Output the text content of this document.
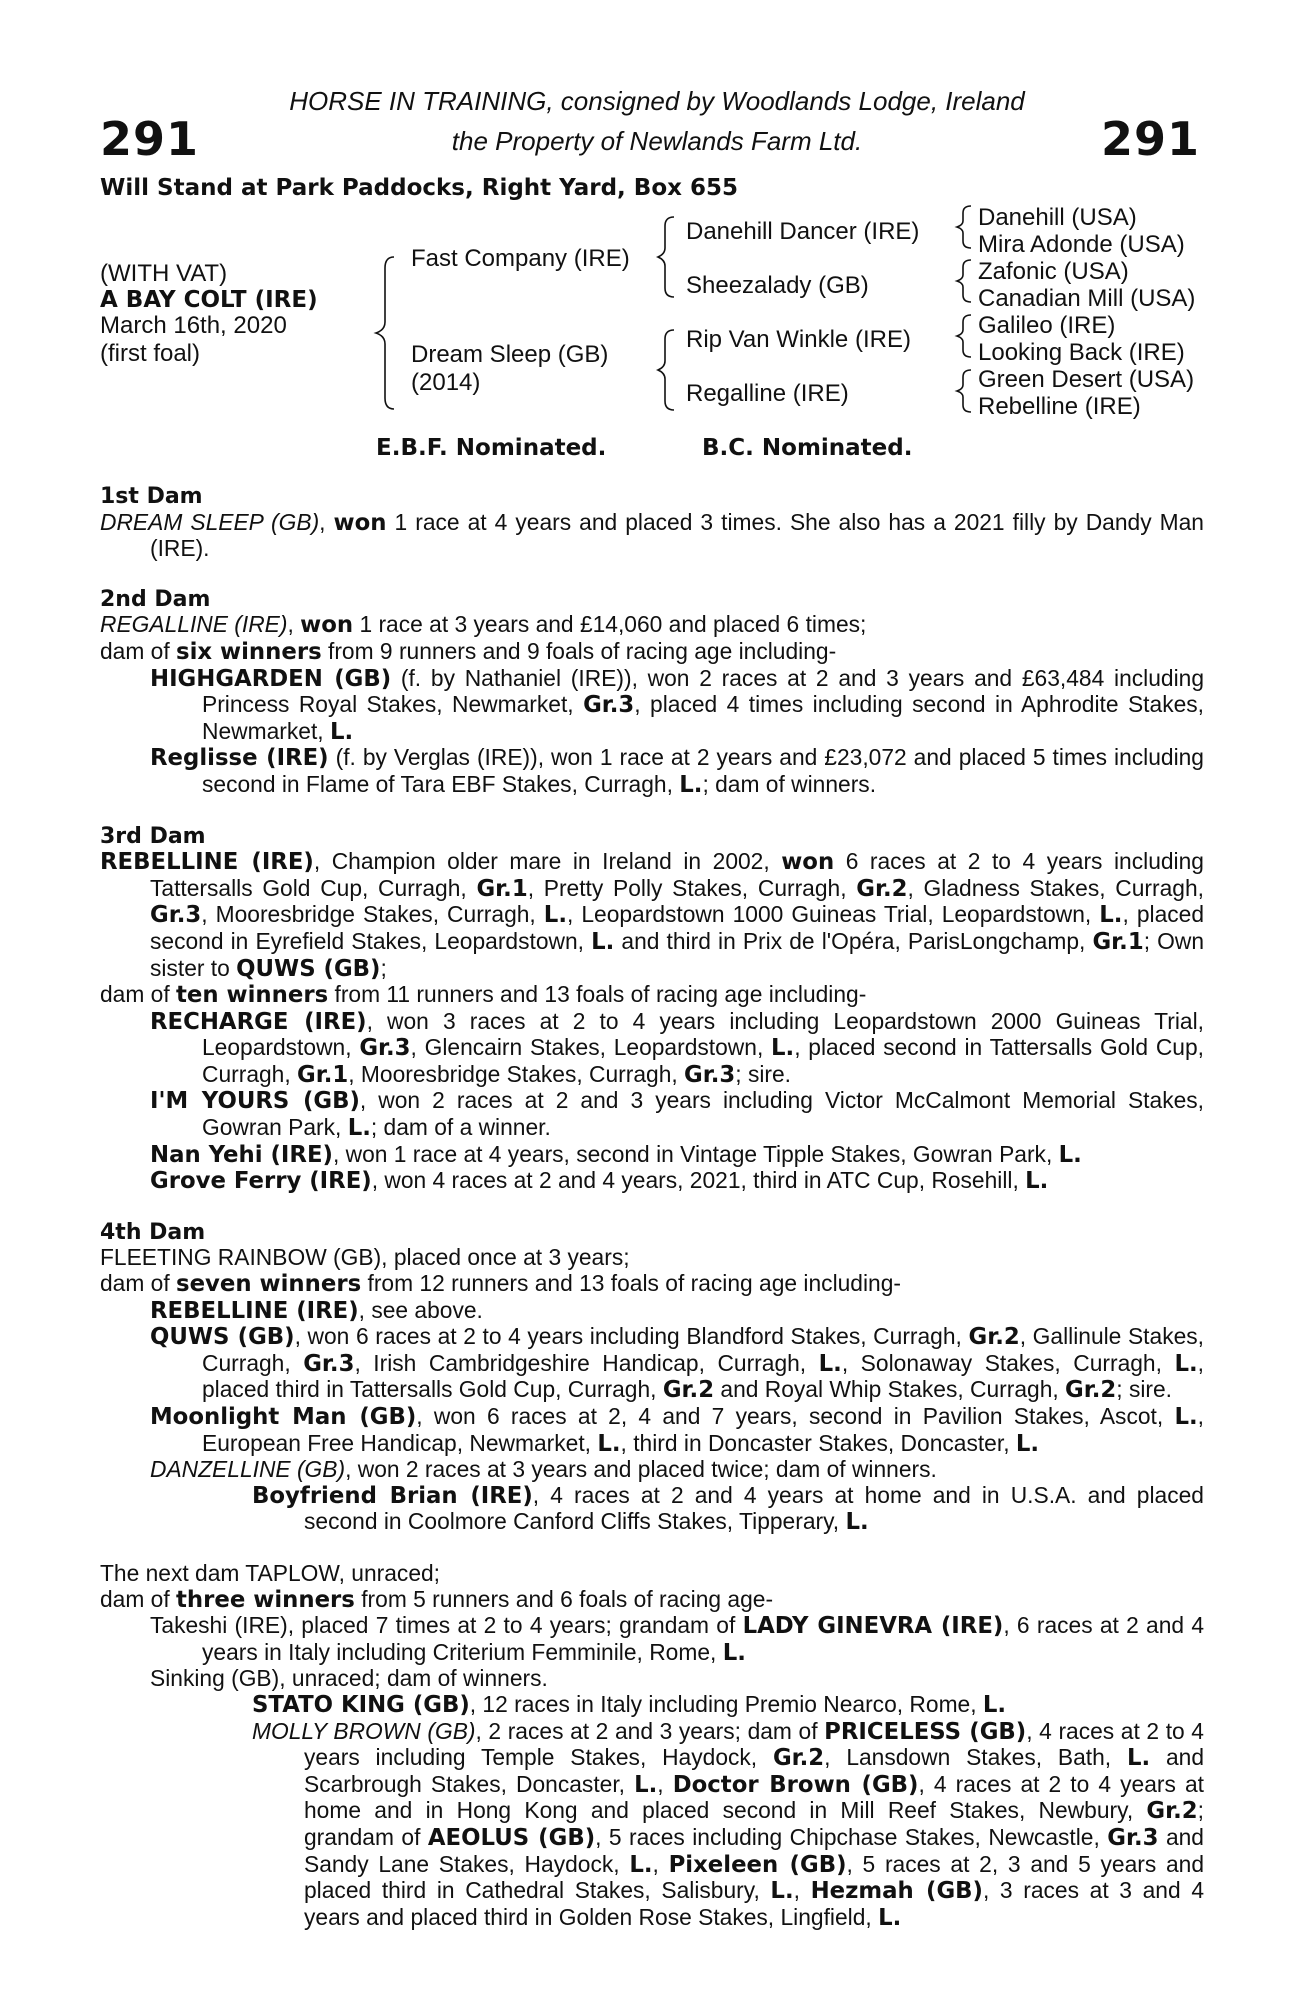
291	291
HORSE IN TRAINING, consigned by Woodlands Lodge, Ireland
the Property of Newlands Farm Ltd.
Will Stand at Park Paddocks, Right Yard, Box 655
(WITH VAT)
A BAY COLT (IRE)
March 16th, 2020
(first foal)
Fast Company (IRE)
Dream Sleep (GB)
(2014)
Danehill Dancer (IRE)
Sheezalady (GB)
Rip Van Winkle (IRE)
Regalline (IRE)
Danehill (USA)
Mira Adonde (USA)
Zafonic (USA)
Canadian Mill (USA)
Galileo (IRE)
Looking Back (IRE)
Green Desert (USA)
Rebelline (IRE)
E.B.F. Nominated.	B.C. Nominated.
1st Dam
DREAM SLEEP (GB), won 1 race at 4 years and placed 3 times. She also has a 2021 filly by Dandy Man (IRE).
2nd Dam
REGALLINE (IRE), won 1 race at 3 years and £14,060 and placed 6 times;
dam of six winners from 9 runners and 9 foals of racing age including-
HIGHGARDEN (GB) (f. by Nathaniel (IRE)), won 2 races at 2 and 3 years and £63,484 including Princess Royal Stakes, Newmarket, Gr.3, placed 4 times including second in Aphrodite Stakes, Newmarket, L.
Reglisse (IRE) (f. by Verglas (IRE)), won 1 race at 2 years and £23,072 and placed 5 times including second in Flame of Tara EBF Stakes, Curragh, L.; dam of winners.
3rd Dam
REBELLINE (IRE), Champion older mare in Ireland in 2002, won 6 races at 2 to 4 years including Tattersalls Gold Cup, Curragh, Gr.1, Pretty Polly Stakes, Curragh, Gr.2, Gladness Stakes, Curragh, Gr.3, Mooresbridge Stakes, Curragh, L., Leopardstown 1000 Guineas Trial, Leopardstown, L., placed second in Eyrefield Stakes, Leopardstown, L. and third in Prix de l'Opéra, ParisLongchamp, Gr.1; Own sister to QUWS (GB);
dam of ten winners from 11 runners and 13 foals of racing age including-
RECHARGE (IRE), won 3 races at 2 to 4 years including Leopardstown 2000 Guineas Trial, Leopardstown, Gr.3, Glencairn Stakes, Leopardstown, L., placed second in Tattersalls Gold Cup, Curragh, Gr.1, Mooresbridge Stakes, Curragh, Gr.3; sire.
I'M YOURS (GB), won 2 races at 2 and 3 years including Victor McCalmont Memorial Stakes, Gowran Park, L.; dam of a winner.
Nan Yehi (IRE), won 1 race at 4 years, second in Vintage Tipple Stakes, Gowran Park, L.
Grove Ferry (IRE), won 4 races at 2 and 4 years, 2021, third in ATC Cup, Rosehill, L.
4th Dam
FLEETING RAINBOW (GB), placed once at 3 years;
dam of seven winners from 12 runners and 13 foals of racing age including-
REBELLINE (IRE), see above.
QUWS (GB), won 6 races at 2 to 4 years including Blandford Stakes, Curragh, Gr.2, Gallinule Stakes, Curragh, Gr.3, Irish Cambridgeshire Handicap, Curragh, L., Solonaway Stakes, Curragh, L., placed third in Tattersalls Gold Cup, Curragh, Gr.2 and Royal Whip Stakes, Curragh, Gr.2; sire.
Moonlight Man (GB), won 6 races at 2, 4 and 7 years, second in Pavilion Stakes, Ascot, L., European Free Handicap, Newmarket, L., third in Doncaster Stakes, Doncaster, L.
DANZELLINE (GB), won 2 races at 3 years and placed twice; dam of winners.
Boyfriend Brian (IRE), 4 races at 2 and 4 years at home and in U.S.A. and placed second in Coolmore Canford Cliffs Stakes, Tipperary, L.
The next dam TAPLOW, unraced;
dam of three winners from 5 runners and 6 foals of racing age-
Takeshi (IRE), placed 7 times at 2 to 4 years; grandam of LADY GINEVRA (IRE), 6 races at 2 and 4 years in Italy including Criterium Femminile, Rome, L.
Sinking (GB), unraced; dam of winners.
STATO KING (GB), 12 races in Italy including Premio Nearco, Rome, L.
MOLLY BROWN (GB), 2 races at 2 and 3 years; dam of PRICELESS (GB), 4 races at 2 to 4 years including Temple Stakes, Haydock, Gr.2, Lansdown Stakes, Bath, L. and Scarbrough Stakes, Doncaster, L., Doctor Brown (GB), 4 races at 2 to 4 years at home and in Hong Kong and placed second in Mill Reef Stakes, Newbury, Gr.2; grandam of AEOLUS (GB), 5 races including Chipchase Stakes, Newcastle, Gr.3 and Sandy Lane Stakes, Haydock, L., Pixeleen (GB), 5 races at 2, 3 and 5 years and placed third in Cathedral Stakes, Salisbury, L., Hezmah (GB), 3 races at 3 and 4 years and placed third in Golden Rose Stakes, Lingfield, L.
